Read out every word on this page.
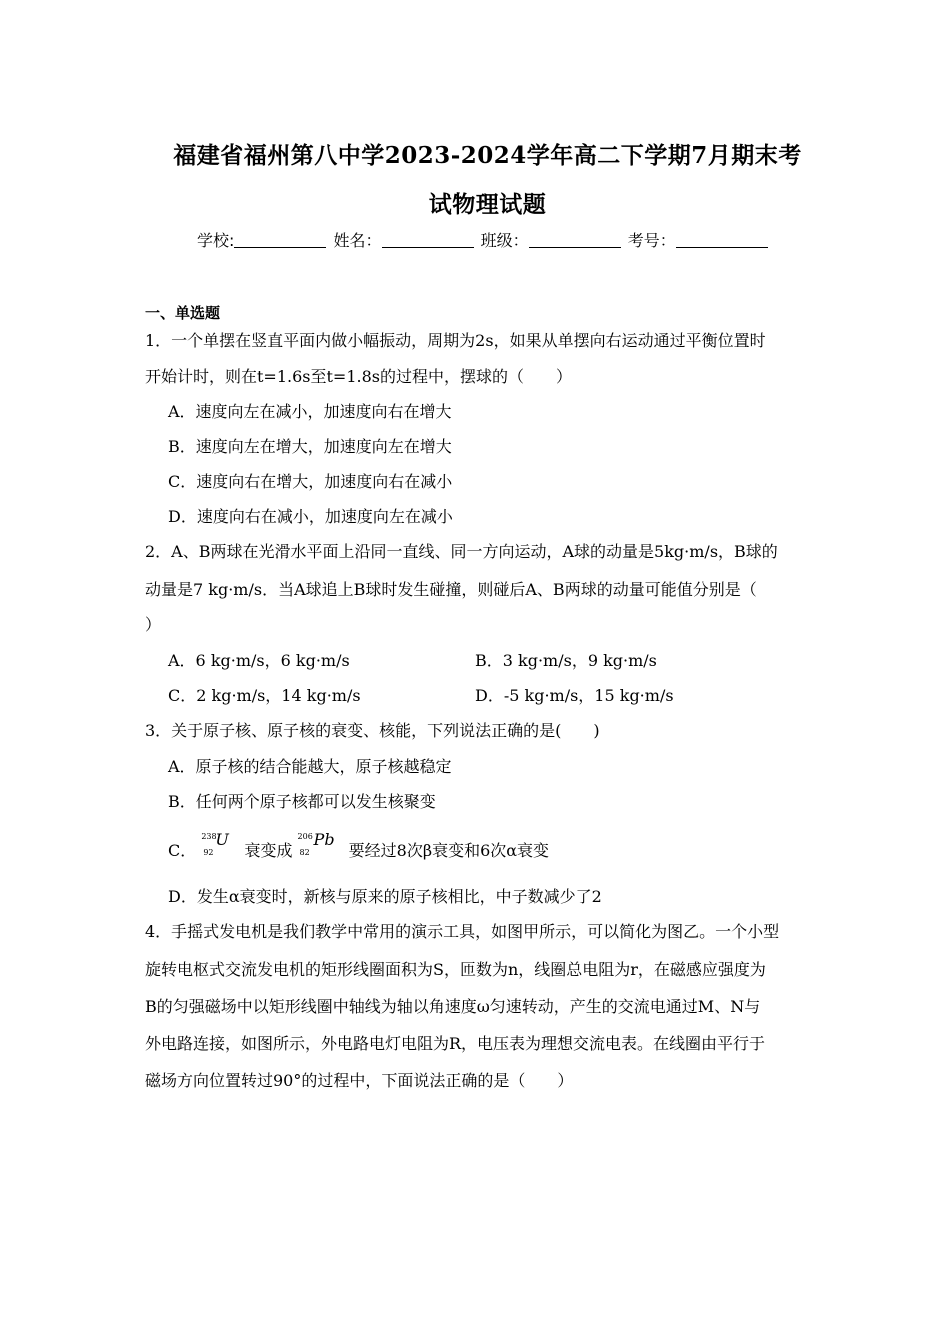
福建省福州第八中学2023-2024学年高二下学期7月期末考
试物理试题
学校:	姓名：	班级：	考号：
一、单选题
1．一个单摆在竖直平面内做小幅振动，周期为2s，如果从单摆向右运动通过平衡位置时
开始计时，则在t=1.6s至t=1.8s的过程中，摆球的（　　）
A．速度向左在减小，加速度向右在增大
B．速度向左在增大，加速度向左在增大
C．速度向右在增大，加速度向右在减小
D．速度向右在减小，加速度向左在减小
2．A、B两球在光滑水平面上沿同一直线、同一方向运动，A球的动量是5kg·m/s，B球的
动量是7 kg·m/s．当A球追上B球时发生碰撞，则碰后A、B两球的动量可能值分别是（
）
A．6 kg·m/s，6 kg·m/s	B．3 kg·m/s，9 kg·m/s
C．2 kg·m/s，14 kg·m/s	D．-5 kg·m/s，15 kg·m/s
3．关于原子核、原子核的衰变、核能，下列说法正确的是(　　)
A．原子核的结合能越大，原子核越稳定
B．任何两个原子核都可以发生核聚变
C．
238
92
U
衰变成
206
82
Pb
要经过8次β衰变和6次α衰变
D．发生α衰变时，新核与原来的原子核相比，中子数减少了2
4．手摇式发电机是我们教学中常用的演示工具，如图甲所示，可以简化为图乙。一个小型
旋转电枢式交流发电机的矩形线圈面积为S，匝数为n，线圈总电阻为r，在磁感应强度为
B的匀强磁场中以矩形线圈中轴线为轴以角速度ω匀速转动，产生的交流电通过M、N与
外电路连接，如图所示，外电路电灯电阻为R，电压表为理想交流电表。在线圈由平行于
磁场方向位置转过90°的过程中，下面说法正确的是（　　）
